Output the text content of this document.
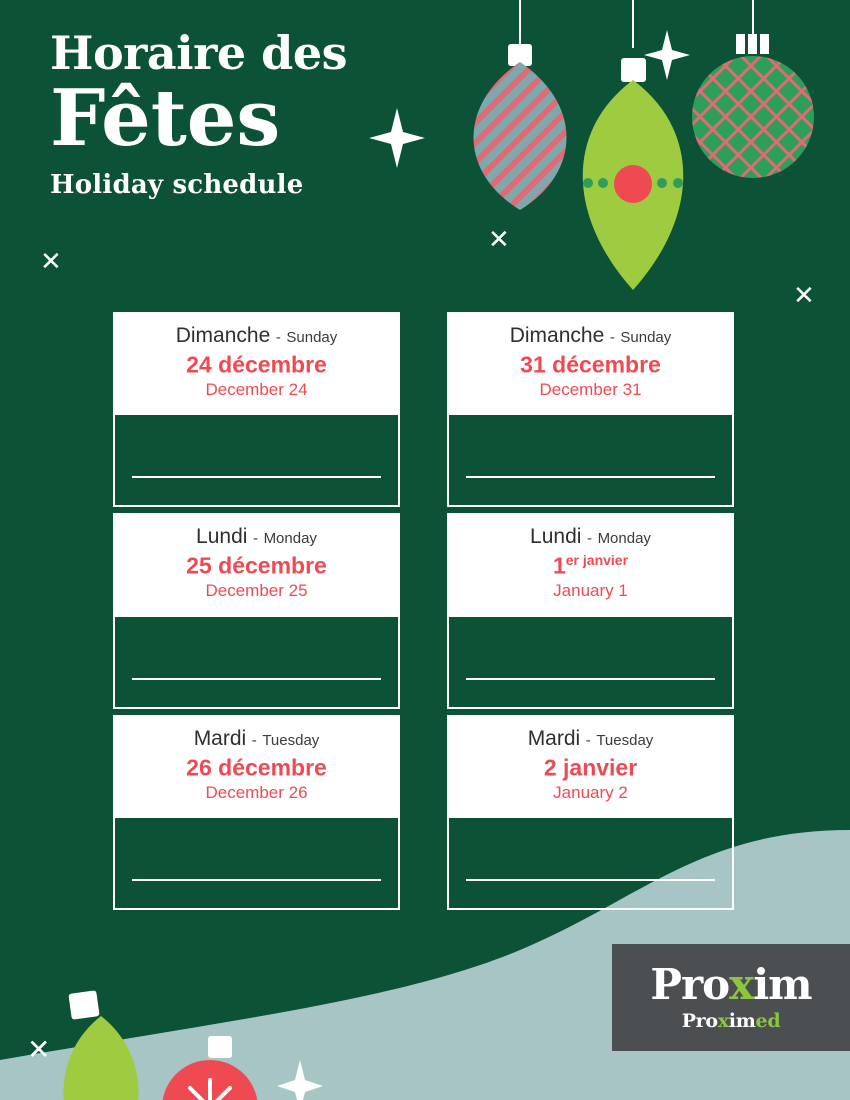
Horaire des
Fêtes
Holiday schedule
✕
✕
✕
✕
Dimanche - Sunday
24 décembre
December 24
Dimanche - Sunday
31 décembre
December 31
Lundi - Monday
25 décembre
December 25
Lundi - Monday
$1^{er janvier}$
January 1
Mardi - Tuesday
26 décembre
December 26
Mardi - Tuesday
2 janvier
January 2
Proxim
Proximed
